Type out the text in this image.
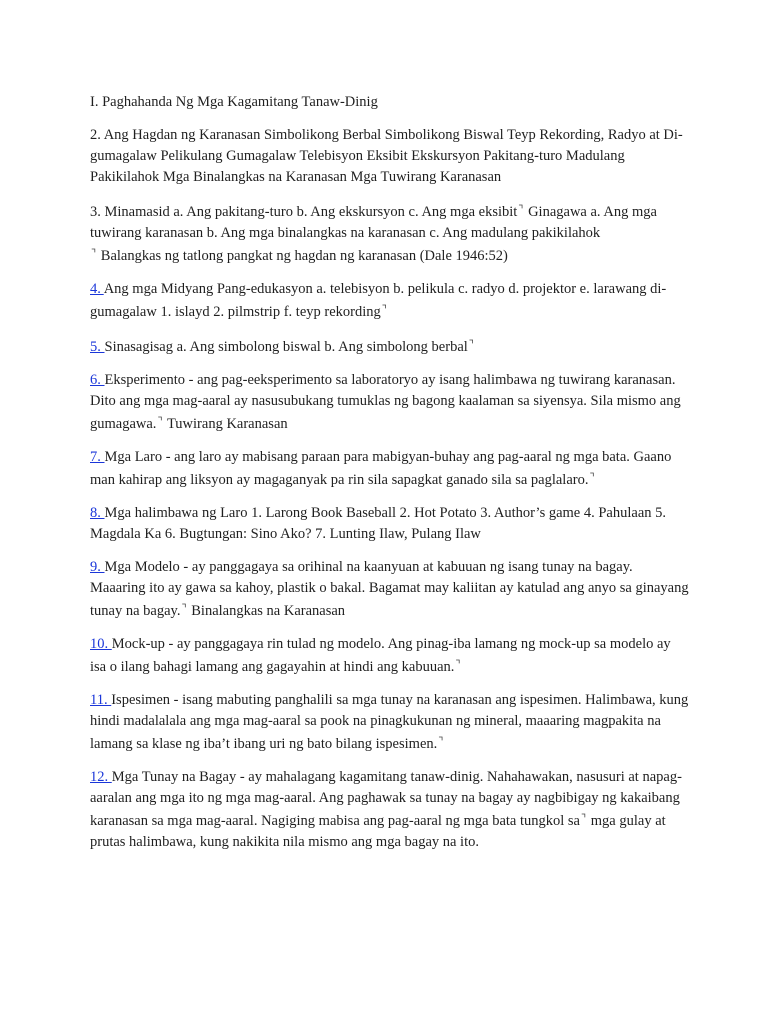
I. Paghahanda Ng Mga Kagamitang Tanaw-Dinig

2. Ang Hagdan ng Karanasan Simbolikong Berbal Simbolikong Biswal Teyp Rekording, Radyo at Di-gumagalaw Pelikulang Gumagalaw Telebisyon Eksibit Ekskursyon Pakitang-turo Madulang Pakikilahok Mga Binalangkas na Karanasan Mga Tuwirang Karanasan

3. Minamasid a. Ang pakitang-turo b. Ang ekskursyon c. Ang mga eksibit⌝ Ginagawa a. Ang mga tuwirang karanasan b. Ang mga binalangkas na karanasan c. Ang madulang pakikilahok
⌝ Balangkas ng tatlong pangkat ng hagdan ng karanasan (Dale 1946:52)

4. Ang mga Midyang Pang-edukasyon a. telebisyon b. pelikula c. radyo d. projektor e. larawang di-gumagalaw 1. islayd 2. pilmstrip f. teyp rekording⌝

5. Sinasagisag a. Ang simbolong biswal b. Ang simbolong berbal⌝

6. Eksperimento - ang pag-eeksperimento sa laboratoryo ay isang halimbawa ng tuwirang karanasan. Dito ang mga mag-aaral ay nasusubukang tumuklas ng bagong kaalaman sa siyensya. Sila mismo ang gumagawa.⌝ Tuwirang Karanasan

7. Mga Laro - ang laro ay mabisang paraan para mabigyan-buhay ang pag-aaral ng mga bata. Gaano man kahirap ang liksyon ay magaganyak pa rin sila sapagkat ganado sila sa paglalaro.⌝

8. Mga halimbawa ng Laro 1. Larong Book Baseball 2. Hot Potato 3. Author’s game 4. Pahulaan 5. Magdala Ka 6. Bugtungan: Sino Ako? 7. Lunting Ilaw, Pulang Ilaw

9. Mga Modelo - ay panggagaya sa orihinal na kaanyuan at kabuuan ng isang tunay na bagay. Maaaring ito ay gawa sa kahoy, plastik o bakal. Bagamat may kaliitan ay katulad ang anyo sa ginayang tunay na bagay.⌝ Binalangkas na Karanasan

10. Mock-up - ay panggagaya rin tulad ng modelo. Ang pinag-iba lamang ng mock-up sa modelo ay isa o ilang bahagi lamang ang gagayahin at hindi ang kabuuan.⌝

11. Ispesimen - isang mabuting panghalili sa mga tunay na karanasan ang ispesimen. Halimbawa, kung hindi madalalala ang mga mag-aaral sa pook na pinagkukunan ng mineral, maaaring magpakita na lamang sa klase ng iba’t ibang uri ng bato bilang ispesimen.⌝

12. Mga Tunay na Bagay - ay mahalagang kagamitang tanaw-dinig. Nahahawakan, nasusuri at napag-aaralan ang mga ito ng mga mag-aaral. Ang paghawak sa tunay na bagay ay nagbibigay ng kakaibang karanasan sa mga mag-aaral. Nagiging mabisa ang pag-aaral ng mga bata tungkol sa⌝ mga gulay at prutas halimbawa, kung nakikita nila mismo ang mga bagay na ito.
